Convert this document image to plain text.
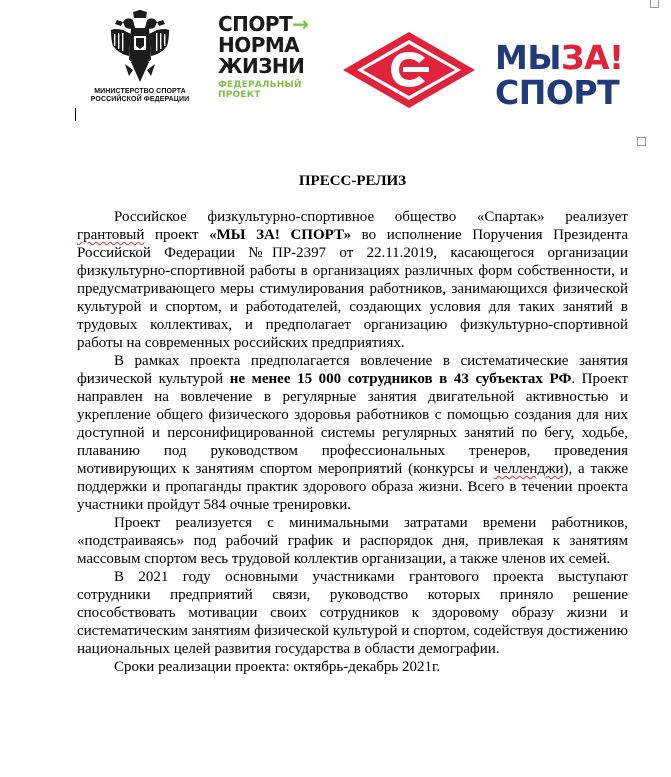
МИНИСТЕРСТВО СПОРТА
РОССИЙСКОЙ ФЕДЕРАЦИИ
СПОРТ→
НОРМА
ЖИЗНИ
ФЕДЕРАЛЬНЫЙ
ПРОЕКТ
МЫЗА!
СПОРТ
ПРЕСС-РЕЛИЗ

Российское физкультурно-спортивное общество «Спартак» реализует грантовый проект «МЫ ЗА! СПОРТ» во исполнение Поручения Президента Российской Федерации №ПР-2397 от 22.11.2019, касающегося организации физкультурно-спортивной работы в организациях различных форм собственности, и предусматривающего меры стимулирования работников, занимающихся физической культурой и спортом, и работодателей, создающих условия для таких занятий в трудовых коллективах, и предполагает организацию физкультурно-спортивной работы на современных российских предприятиях.

В рамках проекта предполагается вовлечение в систематические занятия физической культурой не менее 15 000 сотрудников в 43 субъектах РФ. Проект направлен на вовлечение в регулярные занятия двигательной активностью и укрепление общего физического здоровья работников с помощью создания для них доступной и персонифицированной системы регулярных занятий по бегу, ходьбе, плаванию под руководством профессиональных тренеров, проведения мотивирующих к занятиям спортом мероприятий (конкурсы и челленджи), а также поддержки и пропаганды практик здорового образа жизни. Всего в течении проекта участники пройдут 584 очные тренировки.

Проект реализуется с минимальными затратами времени работников, «подстраиваясь» под рабочий график и распорядок дня, привлекая к занятиям массовым спортом весь трудовой коллектив организации, а также членов их семей.

В 2021 году основными участниками грантового проекта выступают сотрудники предприятий связи, руководство которых приняло решение способствовать мотивации своих сотрудников к здоровому образу жизни и систематическим занятиям физической культурой и спортом, содействуя достижению национальных целей развития государства в области демографии.

Сроки реализации проекта: октябрь-декабрь 2021г.
